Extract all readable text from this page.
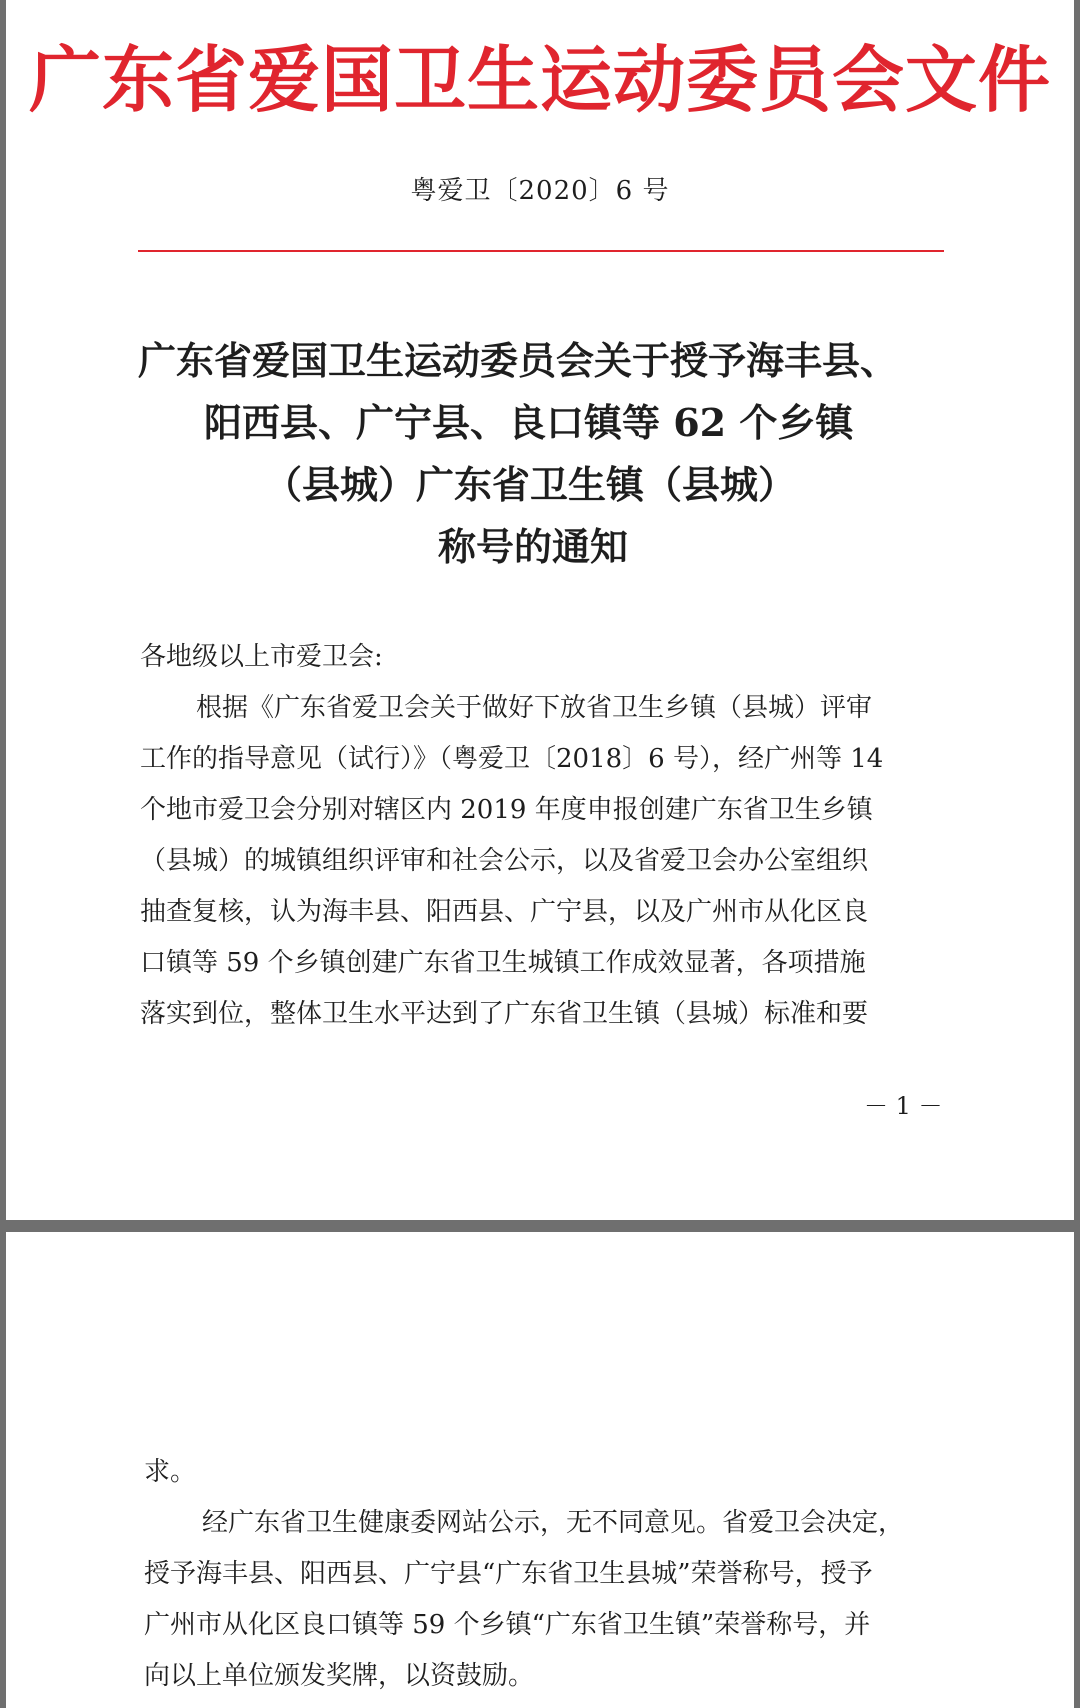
广东省爱国卫生运动委员会文件
粤爱卫〔2020〕6 号
广东省爱国卫生运动委员会关于授予海丰县、
阳西县、广宁县、良口镇等 62 个乡镇
（县城）广东省卫生镇（县城）
称号的通知
各地级以上市爱卫会:
根据《广东省爱卫会关于做好下放省卫生乡镇（县城）评审
工作的指导意见（试行）》（粤爱卫〔2018〕6 号），经广州等 14
个地市爱卫会分别对辖区内 2019 年度申报创建广东省卫生乡镇
（县城）的城镇组织评审和社会公示，以及省爱卫会办公室组织
抽查复核，认为海丰县、阳西县、广宁县，以及广州市从化区良
口镇等 59 个乡镇创建广东省卫生城镇工作成效显著，各项措施
落实到位，整体卫生水平达到了广东省卫生镇（县城）标准和要
－ 1 －
求。
经广东省卫生健康委网站公示，无不同意见。省爱卫会决定，
授予海丰县、阳西县、广宁县“广东省卫生县城”荣誉称号，授予
广州市从化区良口镇等 59 个乡镇“广东省卫生镇”荣誉称号，并
向以上单位颁发奖牌，以资鼓励。
